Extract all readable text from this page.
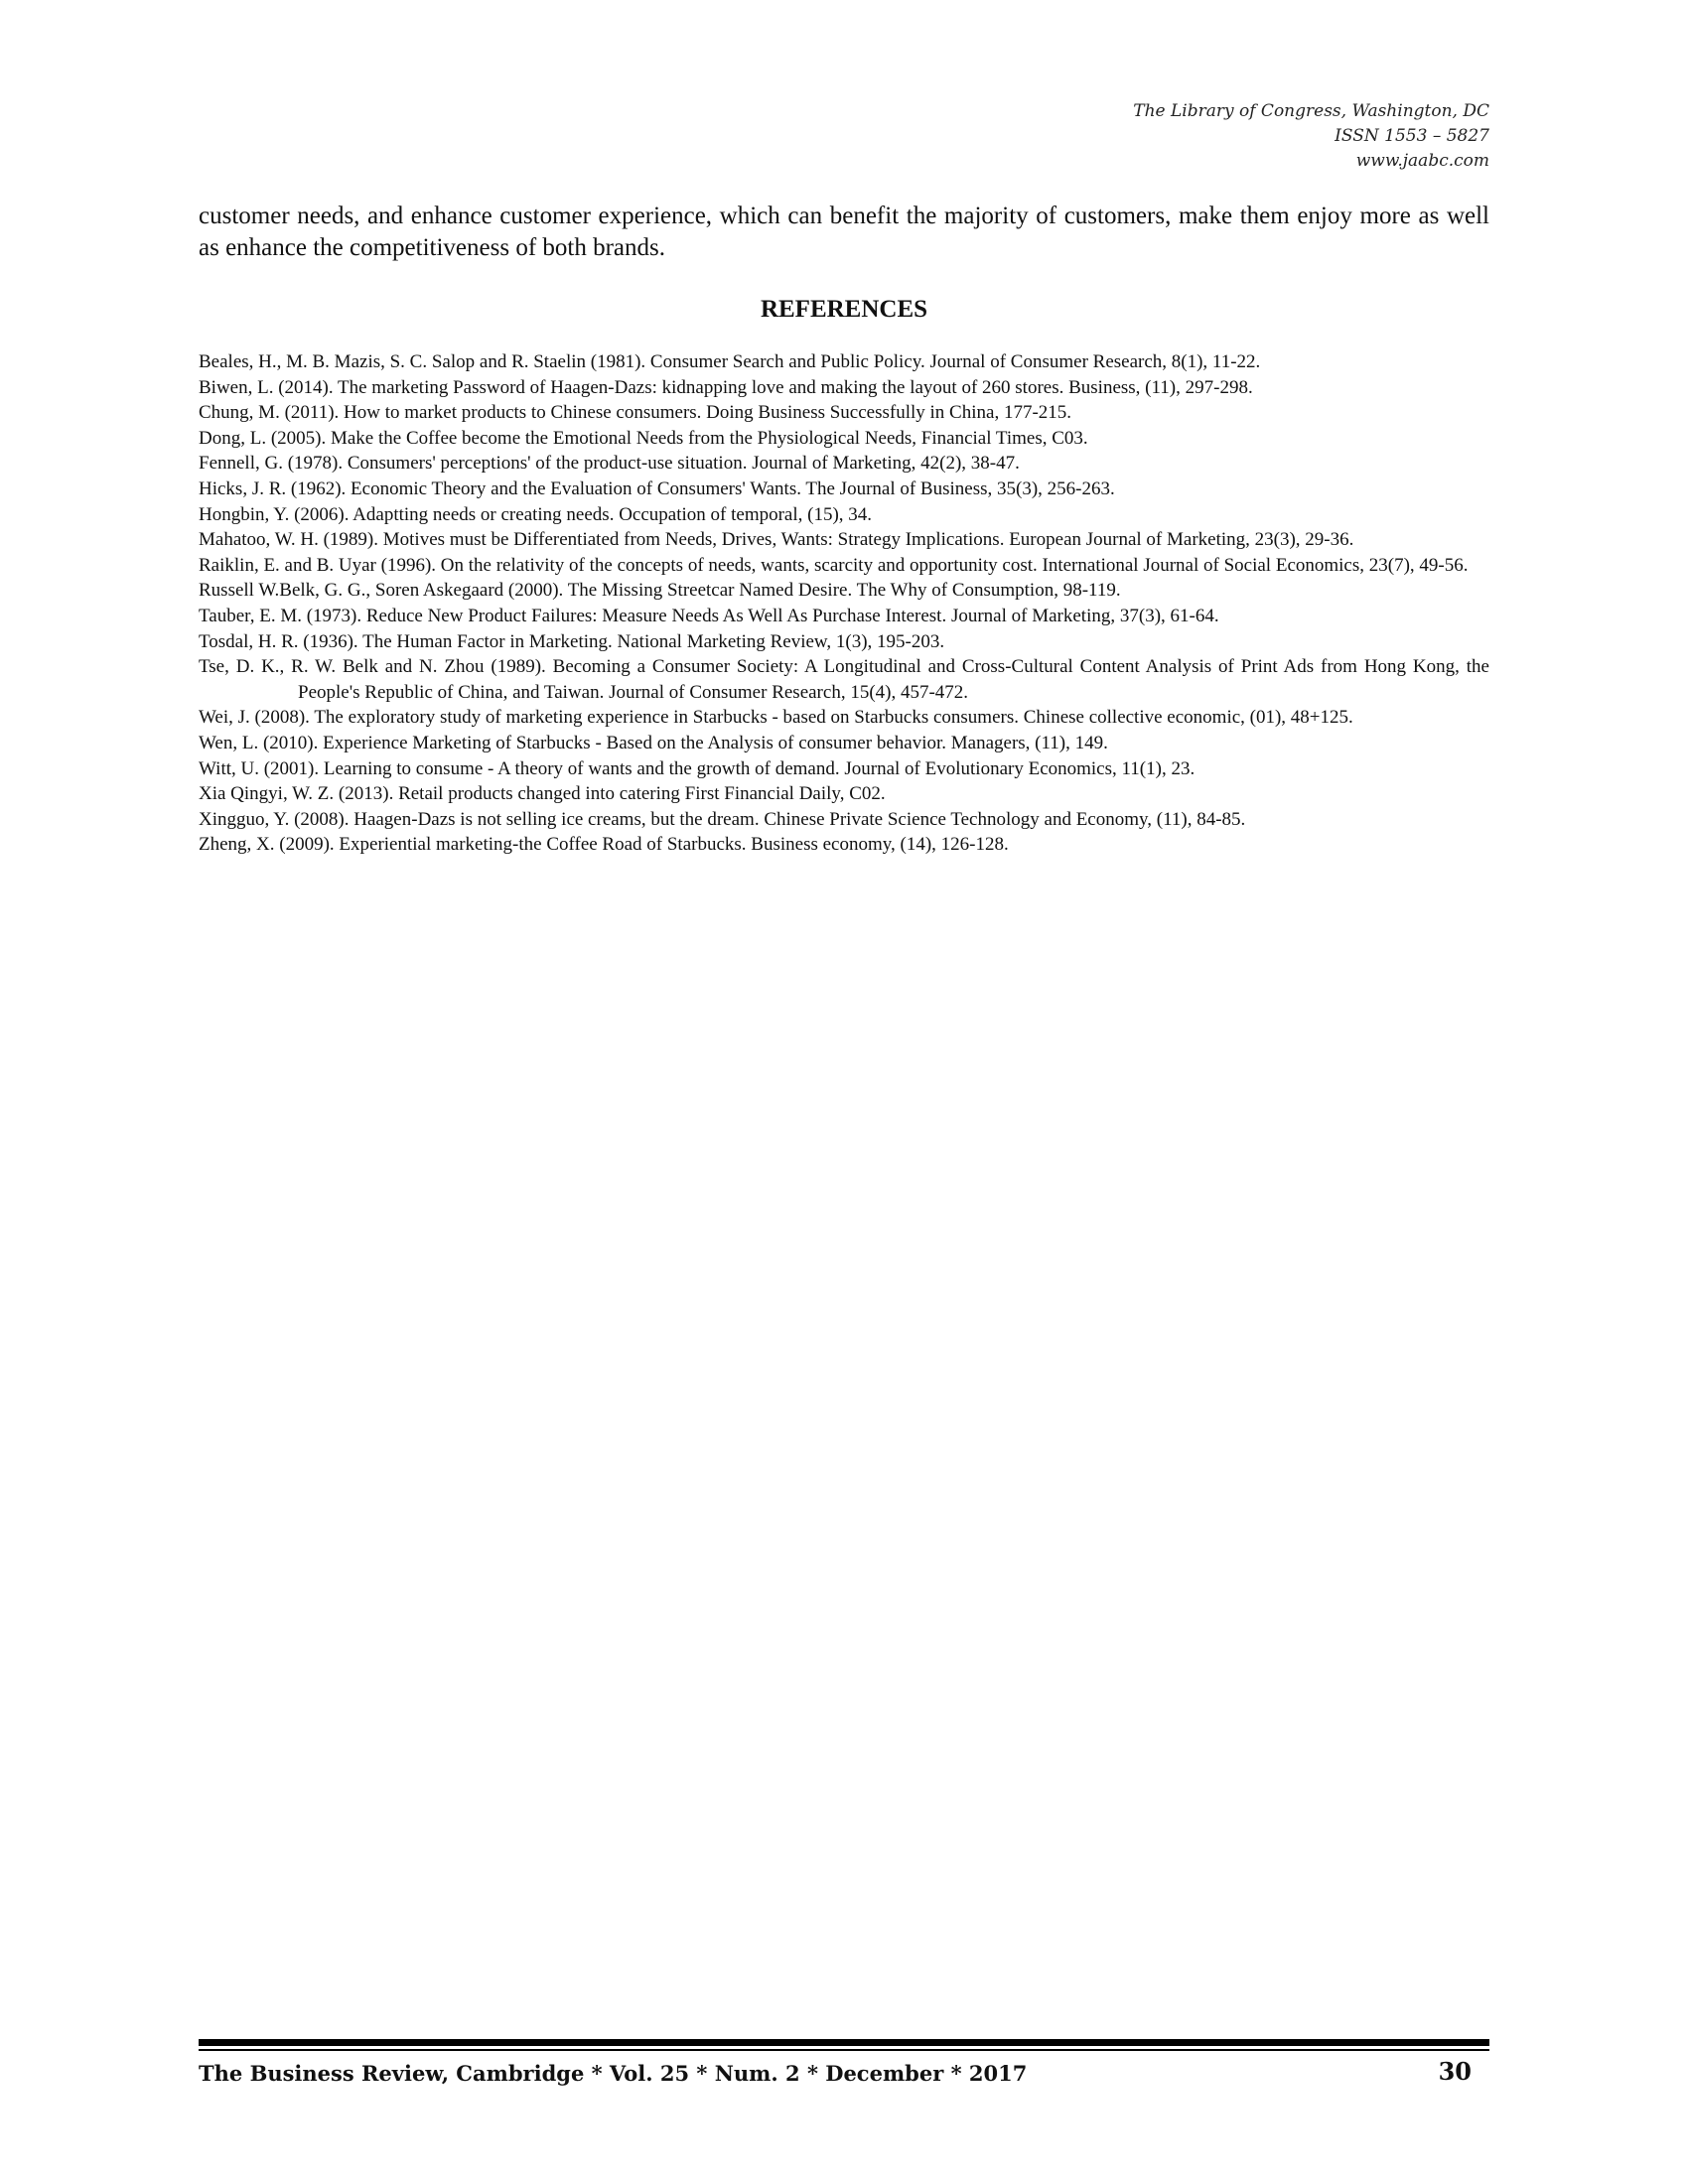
The Library of Congress, Washington, DC
ISSN 1553 – 5827
www.jaabc.com

customer needs, and enhance customer experience, which can benefit the majority of customers, make them enjoy more as well as enhance the competitiveness of both brands.

REFERENCES
Beales, H., M. B. Mazis, S. C. Salop and R. Staelin (1981). Consumer Search and Public Policy. Journal of Consumer Research, 8(1), 11-22.
Biwen, L. (2014). The marketing Password of Haagen-Dazs: kidnapping love and making the layout of 260 stores. Business, (11), 297-298.
Chung, M. (2011). How to market products to Chinese consumers. Doing Business Successfully in China, 177-215.
Dong, L. (2005). Make the Coffee become the Emotional Needs from the Physiological Needs, Financial Times, C03.
Fennell, G. (1978). Consumers' perceptions' of the product-use situation. Journal of Marketing, 42(2), 38-47.
Hicks, J. R. (1962). Economic Theory and the Evaluation of Consumers' Wants. The Journal of Business, 35(3), 256-263.
Hongbin, Y. (2006). Adaptting needs or creating needs. Occupation of temporal, (15), 34.
Mahatoo, W. H. (1989). Motives must be Differentiated from Needs, Drives, Wants: Strategy Implications. European Journal of Marketing, 23(3), 29-36.
Raiklin, E. and B. Uyar (1996). On the relativity of the concepts of needs, wants, scarcity and opportunity cost. International Journal of Social Economics, 23(7), 49-56.
Russell W.Belk, G. G., Soren Askegaard (2000). The Missing Streetcar Named Desire. The Why of Consumption, 98-119.
Tauber, E. M. (1973). Reduce New Product Failures: Measure Needs As Well As Purchase Interest. Journal of Marketing, 37(3), 61-64.
Tosdal, H. R. (1936). The Human Factor in Marketing. National Marketing Review, 1(3), 195-203.
Tse, D. K., R. W. Belk and N. Zhou (1989). Becoming a Consumer Society: A Longitudinal and Cross-Cultural Content Analysis of Print Ads from Hong Kong, the People's Republic of China, and Taiwan. Journal of Consumer Research, 15(4), 457-472.
Wei, J. (2008). The exploratory study of marketing experience in Starbucks - based on Starbucks consumers. Chinese collective economic, (01), 48+125.
Wen, L. (2010). Experience Marketing of Starbucks - Based on the Analysis of consumer behavior. Managers, (11), 149.
Witt, U. (2001). Learning to consume - A theory of wants and the growth of demand. Journal of Evolutionary Economics, 11(1), 23.
Xia Qingyi, W. Z. (2013). Retail products changed into catering First Financial Daily, C02.
Xingguo, Y. (2008). Haagen-Dazs is not selling ice creams, but the dream. Chinese Private Science Technology and Economy, (11), 84-85.
Zheng, X. (2009). Experiential marketing-the Coffee Road of Starbucks. Business economy, (14), 126-128.
The Business Review, Cambridge * Vol. 25 * Num. 2 * December * 2017	30
